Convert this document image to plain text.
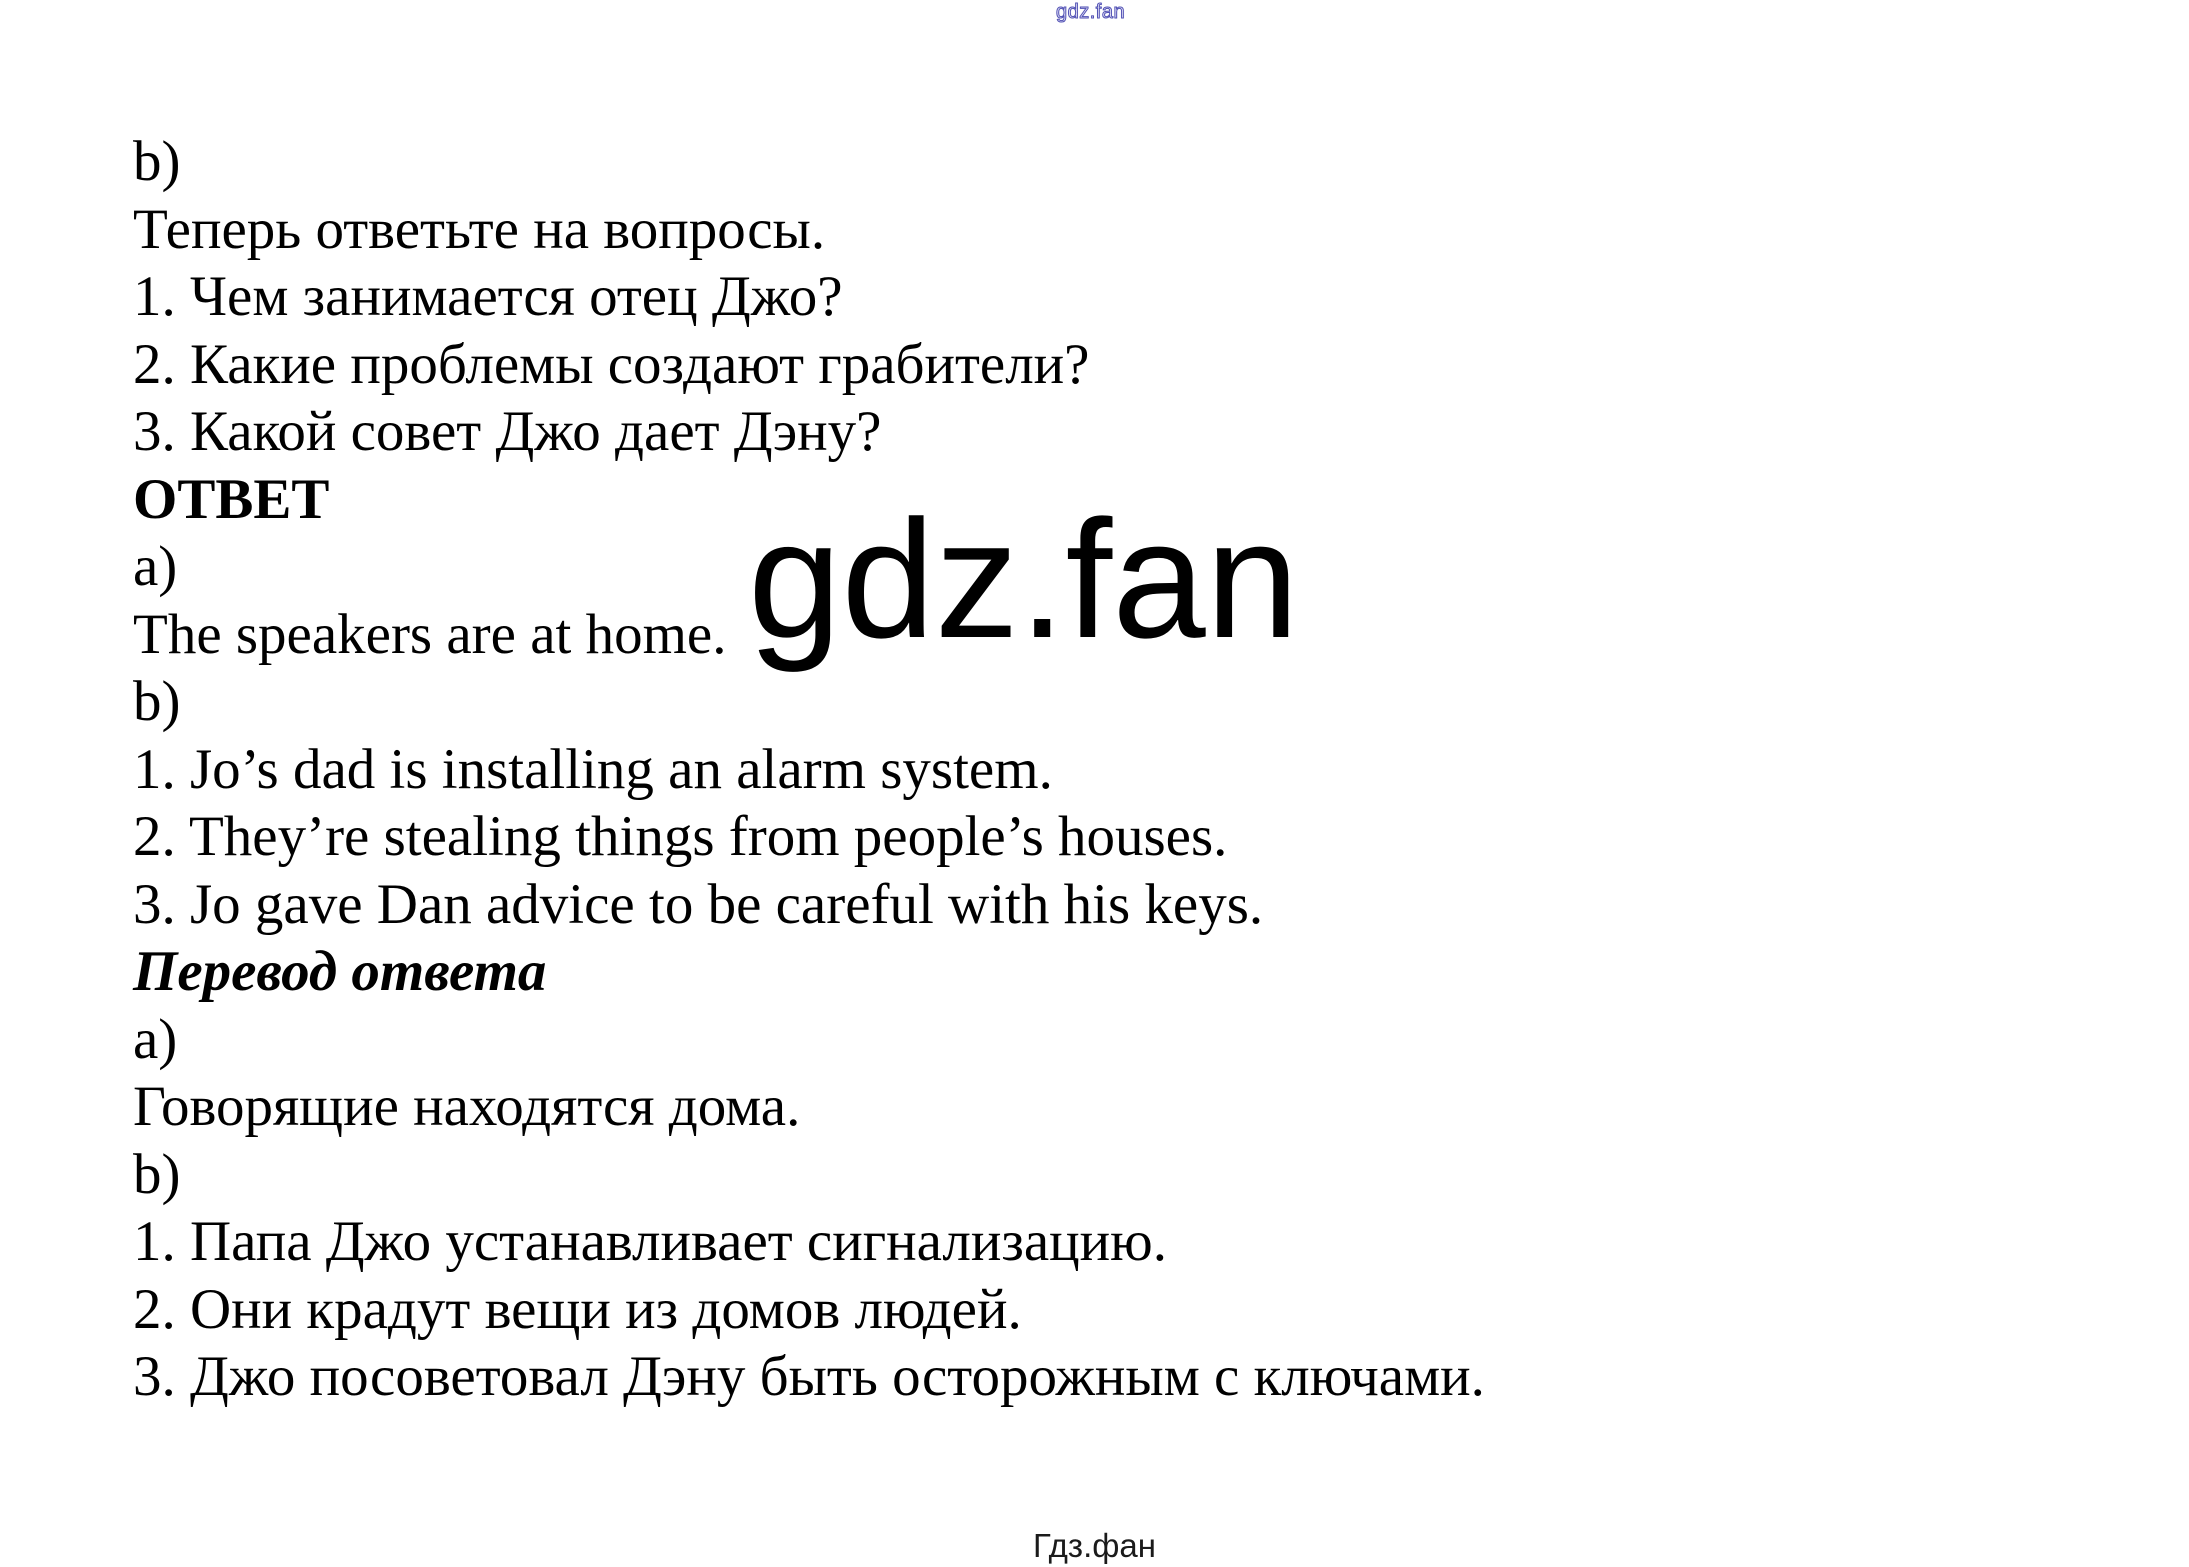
gdz.fan
b)
Теперь ответьте на вопросы.
1. Чем занимается отец Джо?
2. Какие проблемы создают грабители?
3. Какой совет Джо дает Дэну?
ОТВЕТ
a)
The speakers are at home.
b)
1. Jo’s dad is installing an alarm system.
2. They’re stealing things from people’s houses.
3. Jo gave Dan advice to be careful with his keys.
Перевод ответа
a)
Говорящие находятся дома.
b)
1. Папа Джо устанавливает сигнализацию.
2. Они крадут вещи из домов людей.
3. Джо посоветовал Дэну быть осторожным с ключами.
gdz.fan
Гдз.фан
